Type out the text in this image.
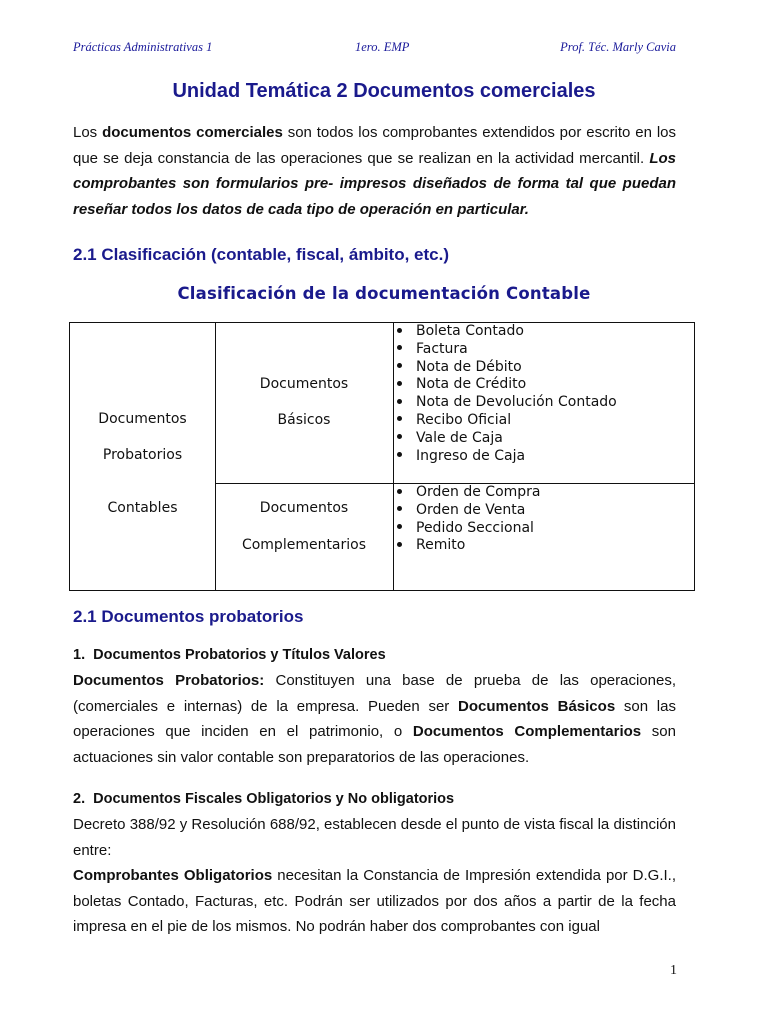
Prácticas Administrativas 1	1ero. EMP	Prof. Téc. Marly Cavia
Unidad Temática 2 Documentos comerciales
Los documentos comerciales son todos los comprobantes extendidos por escrito en los que se deja constancia de las operaciones que se realizan en la actividad mercantil. Los comprobantes son formularios pre- impresos diseñados de forma tal que puedan reseñar todos los datos de cada tipo de operación en particular.
2.1 Clasificación (contable, fiscal, ámbito, etc.)
Clasificación de la documentación Contable
Documentos
Probatorios
Contables
Documentos
Básicos
Documentos
Complementarios
Boleta Contado
Factura
Nota de Débito
Nota de Crédito
Nota de Devolución Contado
Recibo Oficial
Vale de Caja
Ingreso de Caja
Orden de Compra
Orden de Venta
Pedido Seccional
Remito
2.1 Documentos probatorios
1.  Documentos Probatorios y Títulos Valores
Documentos Probatorios: Constituyen una base de prueba de las operaciones, (comerciales e internas) de la empresa. Pueden ser Documentos Básicos son las operaciones que inciden en el patrimonio, o Documentos Complementarios son actuaciones sin valor contable son preparatorios de las operaciones.
2.  Documentos Fiscales Obligatorios y No obligatorios
Decreto 388/92 y Resolución 688/92, establecen desde el punto de vista fiscal la distinción entre:
Comprobantes Obligatorios necesitan la Constancia de Impresión extendida por D.G.I., boletas Contado, Facturas, etc. Podrán ser utilizados por dos años a partir de la fecha impresa en el pie de los mismos. No podrán haber dos comprobantes con igual
1
